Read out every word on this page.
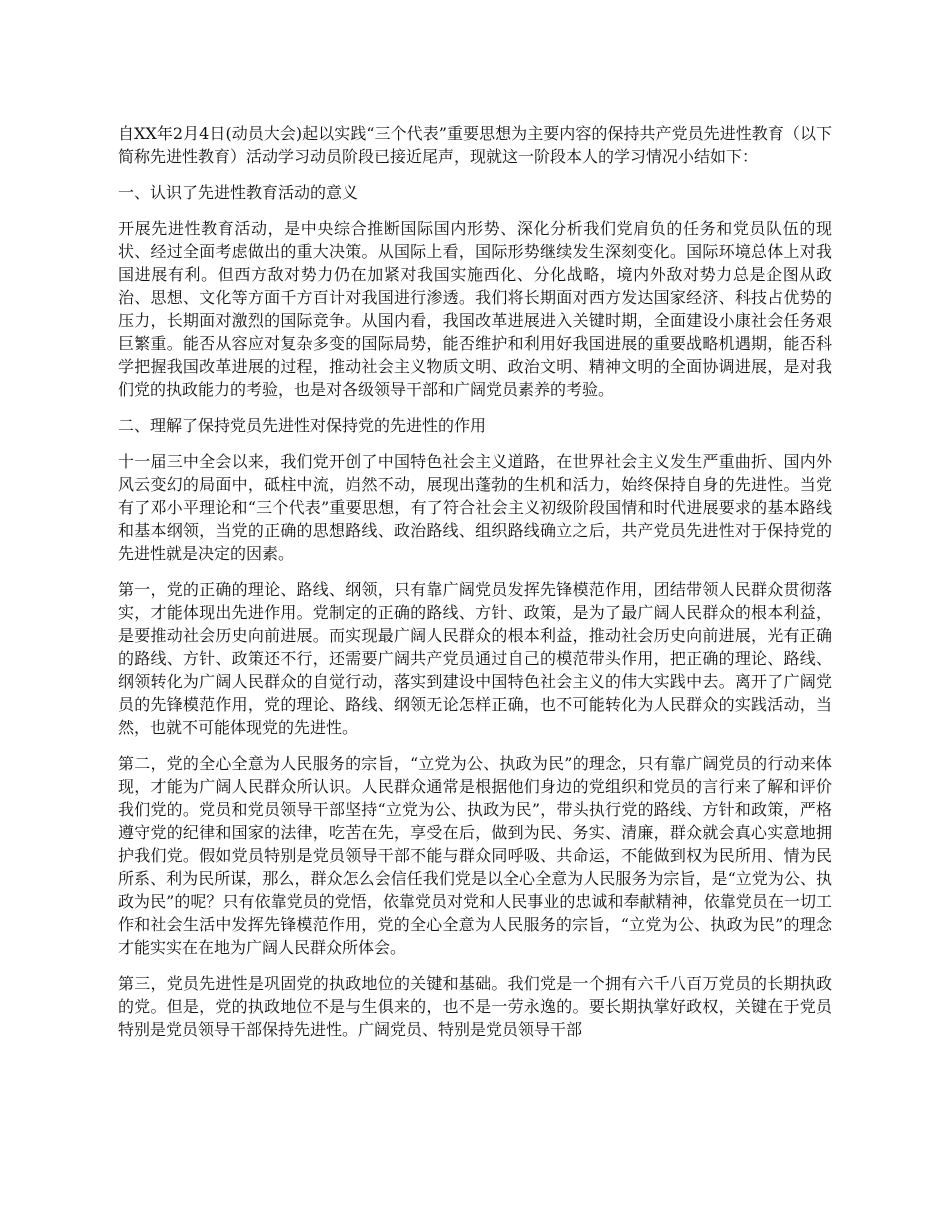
自XX年2月4日(动员大会)起以实践“三个代表”重要思想为主要内容的保持共产党员先进性教育（以下简称先进性教育）活动学习动员阶段已接近尾声，现就这一阶段本人的学习情况小结如下：

一、认识了先进性教育活动的意义

开展先进性教育活动，是中央综合推断国际国内形势、深化分析我们党肩负的任务和党员队伍的现状、经过全面考虑做出的重大决策。从国际上看，国际形势继续发生深刻变化。国际环境总体上对我国进展有利。但西方敌对势力仍在加紧对我国实施西化、分化战略，境内外敌对势力总是企图从政治、思想、文化等方面千方百计对我国进行渗透。我们将长期面对西方发达国家经济、科技占优势的压力，长期面对激烈的国际竞争。从国内看，我国改革进展进入关键时期，全面建设小康社会任务艰巨繁重。能否从容应对复杂多变的国际局势，能否维护和利用好我国进展的重要战略机遇期，能否科学把握我国改革进展的过程，推动社会主义物质文明、政治文明、精神文明的全面协调进展，是对我们党的执政能力的考验，也是对各级领导干部和广阔党员素养的考验。

二、理解了保持党员先进性对保持党的先进性的作用

十一届三中全会以来，我们党开创了中国特色社会主义道路，在世界社会主义发生严重曲折、国内外风云变幻的局面中，砥柱中流，岿然不动，展现出蓬勃的生机和活力，始终保持自身的先进性。当党有了邓小平理论和“三个代表”重要思想，有了符合社会主义初级阶段国情和时代进展要求的基本路线和基本纲领，当党的正确的思想路线、政治路线、组织路线确立之后，共产党员先进性对于保持党的先进性就是决定的因素。

第一，党的正确的理论、路线、纲领，只有靠广阔党员发挥先锋模范作用，团结带领人民群众贯彻落实，才能体现出先进作用。党制定的正确的路线、方针、政策，是为了最广阔人民群众的根本利益，是要推动社会历史向前进展。而实现最广阔人民群众的根本利益，推动社会历史向前进展，光有正确的路线、方针、政策还不行，还需要广阔共产党员通过自己的模范带头作用，把正确的理论、路线、纲领转化为广阔人民群众的自觉行动，落实到建设中国特色社会主义的伟大实践中去。离开了广阔党员的先锋模范作用，党的理论、路线、纲领无论怎样正确，也不可能转化为人民群众的实践活动，当然，也就不可能体现党的先进性。

第二，党的全心全意为人民服务的宗旨，“立党为公、执政为民”的理念，只有靠广阔党员的行动来体现，才能为广阔人民群众所认识。人民群众通常是根据他们身边的党组织和党员的言行来了解和评价我们党的。党员和党员领导干部坚持“立党为公、执政为民”，带头执行党的路线、方针和政策，严格遵守党的纪律和国家的法律，吃苦在先，享受在后，做到为民、务实、清廉，群众就会真心实意地拥护我们党。假如党员特别是党员领导干部不能与群众同呼吸、共命运，不能做到权为民所用、情为民所系、利为民所谋，那么，群众怎么会信任我们党是以全心全意为人民服务为宗旨，是“立党为公、执政为民”的呢？只有依靠党员的党悟，依靠党员对党和人民事业的忠诚和奉献精神，依靠党员在一切工作和社会生活中发挥先锋模范作用，党的全心全意为人民服务的宗旨，“立党为公、执政为民”的理念才能实实在在地为广阔人民群众所体会。

第三，党员先进性是巩固党的执政地位的关键和基础。我们党是一个拥有六千八百万党员的长期执政的党。但是，党的执政地位不是与生俱来的，也不是一劳永逸的。要长期执掌好政权，关键在于党员特别是党员领导干部保持先进性。广阔党员、特别是党员领导干部
